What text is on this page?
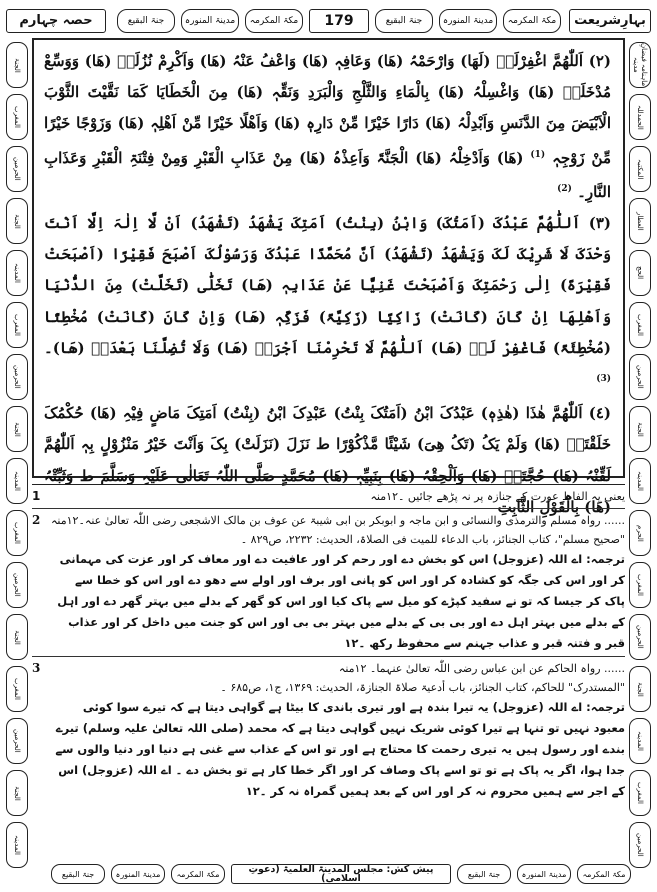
بہارِشریعت
مکۃ المکرمہ
مدینۃ المنورہ
جنۃ البقیع
179
مکۃ المکرمہ
مدینۃ المنورہ
جنۃ البقیع
حصہ چہارم
ماہنامہ فیضانِ مدینہ
الحمدللہ
المکتبہ
العطار
الحج
المغرب
الحرمین
الجنۃ
المدینہ
الحرم
المغرب
الحرمین
الجنۃ
المدینہ
المغرب
الحرمین
الجنۃ
المغرب
الحرمین
الجنۃ
المدینہ
المغرب
الحرمین
الجنۃ
المدینہ
المغرب
الحرمین
الجنۃ
المغرب
الحرمین
الجنۃ
المدینہ

(٢) اَللّٰھُمَّ اغْفِرْلَہٗ (لَھَا) وَارْحَمْہُ (ھَا) وَعَافِہٖ (ھَا) وَاعْفُ عَنْہُ (ھَا) وَاَکْرِمْ نُزُلَہٗ (ھَا) وَوَسِّعْ مُدْخَلَہٗ (ھَا) وَاغْسِلْہُ (ھَا) بِالْمَاءِ وَالثَّلْجِ وَالْبَرَدِ وَنَقِّہٖ (ھَا) مِنَ الْخَطَایَا کَمَا نَقَّیْتَ الثَّوْبَ الْاَبْیَضَ مِنَ الدَّنَسِ وَاَبْدِلْہُ (ھَا) دَارًا خَیْرًا مِّنْ دَارِہٖ (ھَا) وَاَھْلًا خَیْرًا مِّنْ اَھْلِہٖ (ھَا) وَزَوْجًا خَیْرًا مِّنْ زَوْجِہٖ $^{(1)}$ (ھَا) وَاَدْخِلْہُ (ھَا) الْجَنَّۃَ وَاَعِذْہُ (ھَا) مِنْ عَذَابِ الْقَبْرِ وَمِنْ فِتْنَۃِ الْقَبْرِ وَعَذَابِ النَّارِ۔ $^{(2)}$

(٣) اَللّٰھُمَّ عَبْدُکَ (اَمَتُکَ) وَابْنُ (بِنْتُ) اَمَتِکَ یَشْھَدُ (تَشْھَدُ) اَنْ لَّا اِلٰہَ اِلَّا اَنْتَ وَحْدَکَ لَا شَرِیْکَ لَکَ وَیَشْھَدُ (تَشْھَدُ) اَنَّ مُحَمَّدًا عَبْدُکَ وَرَسُوْلُکَ اَصْبَحَ فَقِیْرًا (اَصْبَحَتْ فَقِیْرَۃً) اِلٰی رَحْمَتِکَ وَاَصْبَحْتَ غَنِیًّا عَنْ عَذَابِہٖ (ھَا) تَخَلّٰی (تَخَلَّتْ) مِنَ الدُّنْیَا وَاَھْلِھَا اِنْ کَانَ (کَانَتْ) زَاکِیًا (زَکِیَّۃً) فَزَکِّہٖ (ھَا) وَاِنْ کَانَ (کَانَتْ) مُخْطِئًا (مُخْطِئَۃً) فَاغْفِرْ لَہٗ (ھَا) اَللّٰھُمَّ لَا تَحْرِمْنَا اَجْرَہٗ (ھَا) وَلَا تُضِلَّنَا بَعْدَہٗ (ھَا)۔ $^{(3)}$

(٤) اَللّٰھُمَّ ھٰذَا (ھٰذِہٖ) عَبْدُکَ ابْنُ (اَمَتُکَ بِنْتُ) عَبْدِکَ ابْنُ (بِنْتُ) اَمَتِکَ مَاضٍ فِیْہِ (ھَا) حُکْمُکَ خَلَقْتَہٗ (ھَا) وَلَمْ یَکُ (تَکُ ھِیَ) شَیْئًا مَّذْکُوْرًا ط نَزَلَ (نَزَلَتْ) بِکَ وَاَنْتَ خَیْرُ مَنْزُوْلٍ بِہٖ اَللّٰھُمَّ لَقِّنْہُ (ھَا) حُجَّتَہٗ (ھَا) وَاَلْحِقْہُ (ھَا) بِنَبِیِّہٖ (ھَا) مُحَمَّدٍ صَلَّی اللّٰہُ تَعَالٰی عَلَیْہِ وَسَلَّمَ ط وَثَبِّتْہُ (ھَا) بِالْقَوْلِ الثَّابِتِ

1	یعنی یہ الفاظ عورت کے جنازہ پر نہ پڑھے جائیں ۔۱۲منہ

2 ...... رواہ مسلم والترمذی والنسائی و ابن ماجہ و ابوبکر بن ابی شیبۃ عن عوف بن مالک الاشجعی رضی اللّٰہ تعالیٰ عنہ۔۱۲منہ

"صحیح مسلم"، کتاب الجنائز، باب الدعاء للمیت فی الصلاۃ، الحدیث: ۲۲۳۲، ص۸۲۹ ۔

ترجمہ: اے اللہ (عزوجل) اس کو بخش دے اور رحم کر اور عافیت دے اور معاف کر اور عزت کی مہمانی کر اور اس کی جگہ کو کشادہ کر اور اس کو پانی اور برف اور اولے سے دھو دے اور اس کو خطا سے پاک کر جیسا کہ تو نے سفید کپڑے کو میل سے پاک کیا اور اس کو گھر کے بدلے میں بہتر گھر دے اور اہل کے بدلے میں بہتر اہل دے اور بی بی کے بدلے میں بہتر بی بی اور اس کو جنت میں داخل کر اور عذاب قبر و فتنہ قبر و عذاب جہنم سے محفوظ رکھ ۔۱۲

3	...... رواہ الحاکم عن ابن عباس رضی اللّٰہ تعالیٰ عنہما۔ ۱۲منہ

"المستدرک" للحاکم، کتاب الجنائز، باب أدعیۃ صلاۃ الجنازۃ، الحدیث: ۱۳۶۹، ج۱، ص۶۸۵ ۔

ترجمہ: اے اللہ (عزوجل) یہ تیرا بندہ ہے اور تیری باندی کا بیٹا ہے گواہی دیتا ہے کہ تیرے سوا کوئی معبود نہیں تو تنہا ہے تیرا کوئی شریک نہیں گواہی دیتا ہے کہ محمد (صلی اللہ تعالیٰ علیہ وسلم) تیرے بندے اور رسول ہیں یہ تیری رحمت کا محتاج ہے اور تو اس کے عذاب سے غنی ہے دنیا اور دنیا والوں سے جدا ہوا، اگر یہ پاک ہے تو تو اسے پاک وصاف کر اور اگر خطا کار ہے تو بخش دے ۔ اے اللہ (عزوجل) اس کے اجر سے ہمیں محروم نہ کر اور اس کے بعد ہمیں گمراہ نہ کر ۔۱۲

مکۃ المکرمہ
مدینۃ المنورہ
جنۃ البقیع
پیش کش: مجلس المدینۃ العلمیۃ (دعوتِ اسلامی)
مکۃ المکرمہ
مدینۃ المنورہ
جنۃ البقیع
